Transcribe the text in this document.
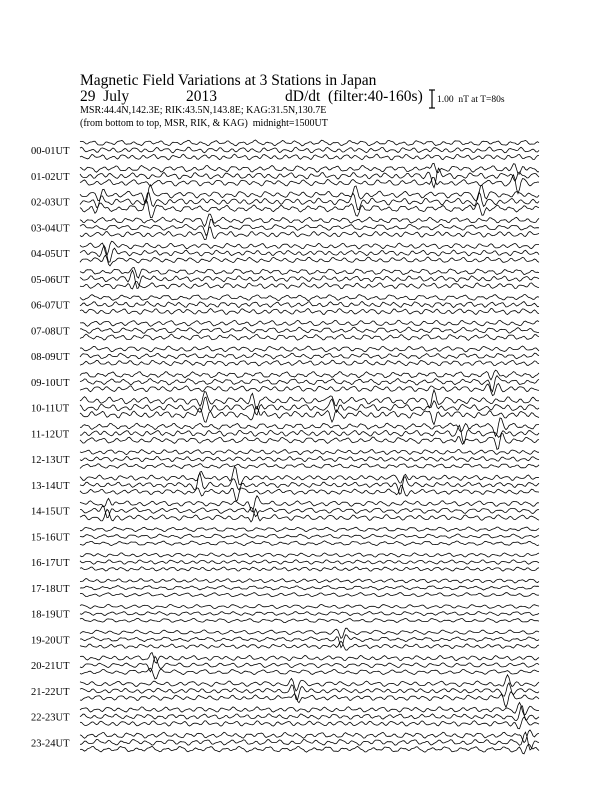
Magnetic Field Variations at 3 Stations in Japan

29  July

	2013

	dD/dt  (filter:40-160s)

MSR:44.4N,142.3E; RIK:43.5N,143.8E; KAG:31.5N,130.7E
(from bottom to top, MSR, RIK, & KAG)  midnight=1500UT
1.00  nT at T=80s
00-01UT
01-02UT
02-03UT
03-04UT
04-05UT
05-06UT
06-07UT
07-08UT
08-09UT
09-10UT
10-11UT
11-12UT
12-13UT
13-14UT
14-15UT
15-16UT
16-17UT
17-18UT
18-19UT
19-20UT
20-21UT
21-22UT
22-23UT
23-24UT
